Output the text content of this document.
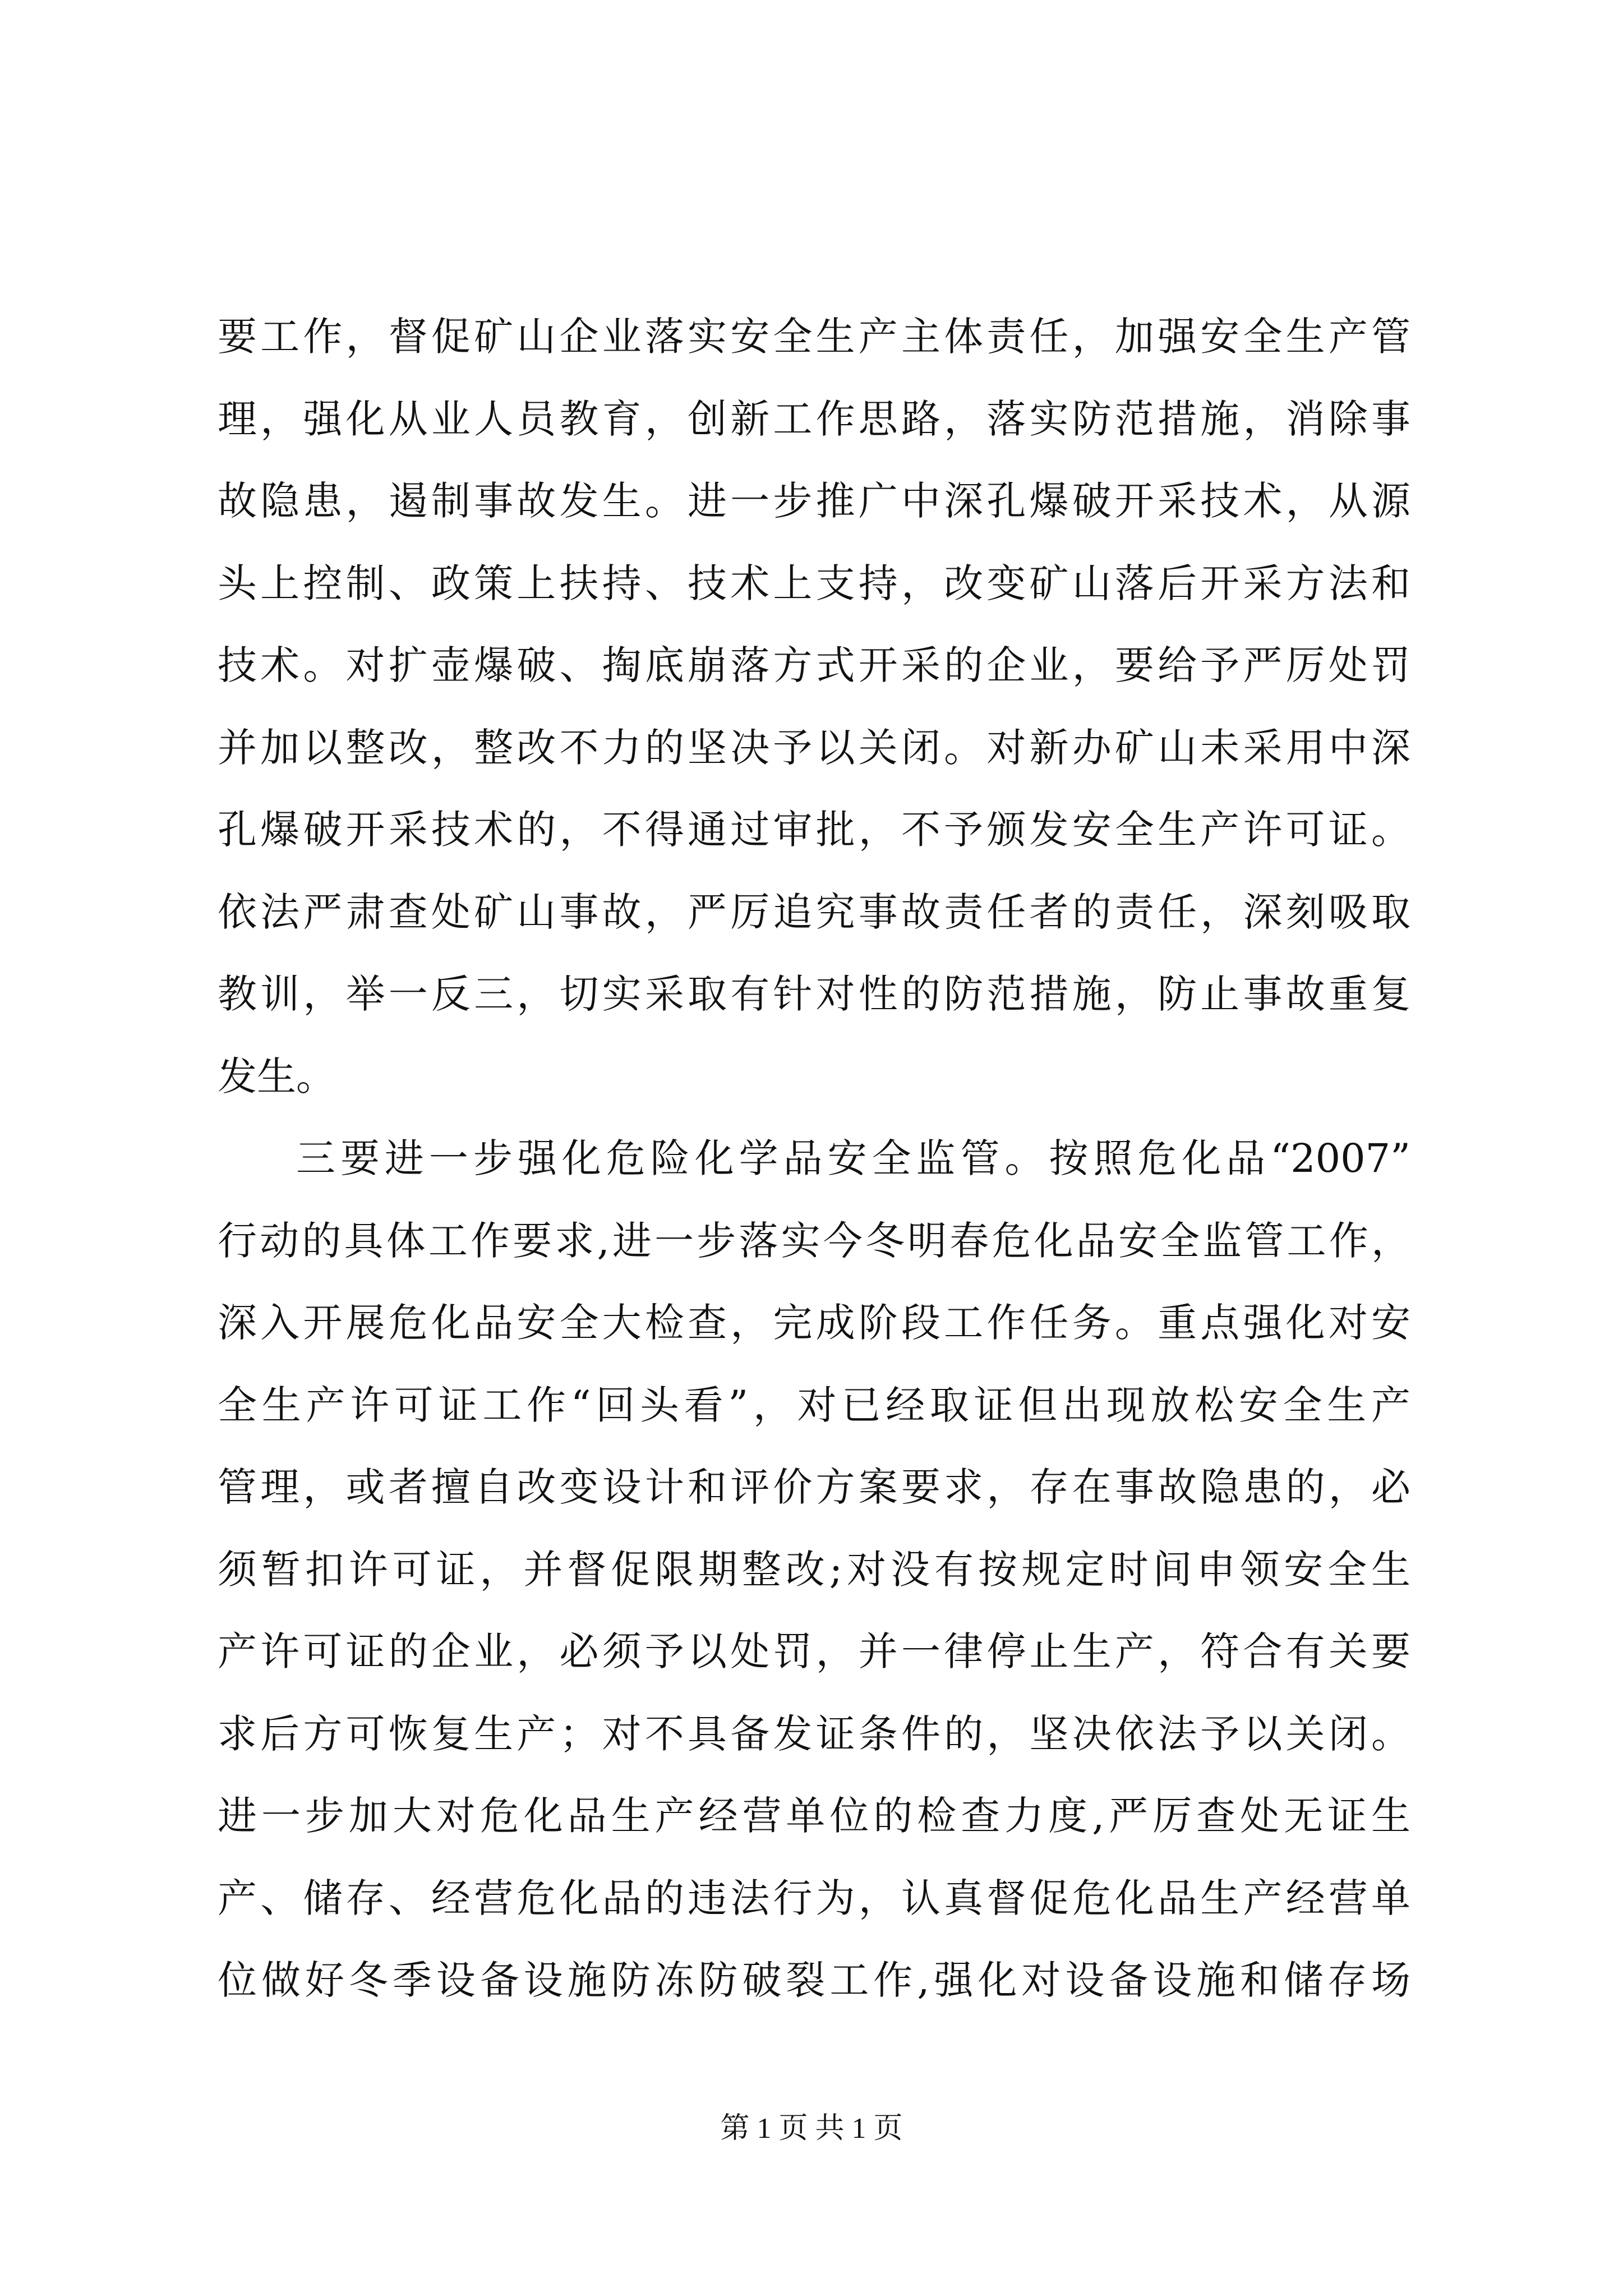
要工作，督促矿山企业落实安全生产主体责任，加强安全生产管
理，强化从业人员教育，创新工作思路，落实防范措施，消除事
故隐患，遏制事故发生。进一步推广中深孔爆破开采技术，从源
头上控制、政策上扶持、技术上支持，改变矿山落后开采方法和
技术。对扩壶爆破、掏底崩落方式开采的企业，要给予严厉处罚
并加以整改，整改不力的坚决予以关闭。对新办矿山未采用中深
孔爆破开采技术的，不得通过审批，不予颁发安全生产许可证。
依法严肃查处矿山事故，严厉追究事故责任者的责任，深刻吸取
教训，举一反三，切实采取有针对性的防范措施，防止事故重复
发生。
三要进一步强化危险化学品安全监管。按照危化品“2007”
行动的具体工作要求,进一步落实今冬明春危化品安全监管工作，
深入开展危化品安全大检查，完成阶段工作任务。重点强化对安
全生产许可证工作“回头看”，对已经取证但出现放松安全生产
管理，或者擅自改变设计和评价方案要求，存在事故隐患的，必
须暂扣许可证，并督促限期整改;对没有按规定时间申领安全生
产许可证的企业，必须予以处罚，并一律停止生产，符合有关要
求后方可恢复生产；对不具备发证条件的，坚决依法予以关闭。
进一步加大对危化品生产经营单位的检查力度,严厉查处无证生
产、储存、经营危化品的违法行为，认真督促危化品生产经营单
位做好冬季设备设施防冻防破裂工作,强化对设备设施和储存场
第 1 页 共 1 页
